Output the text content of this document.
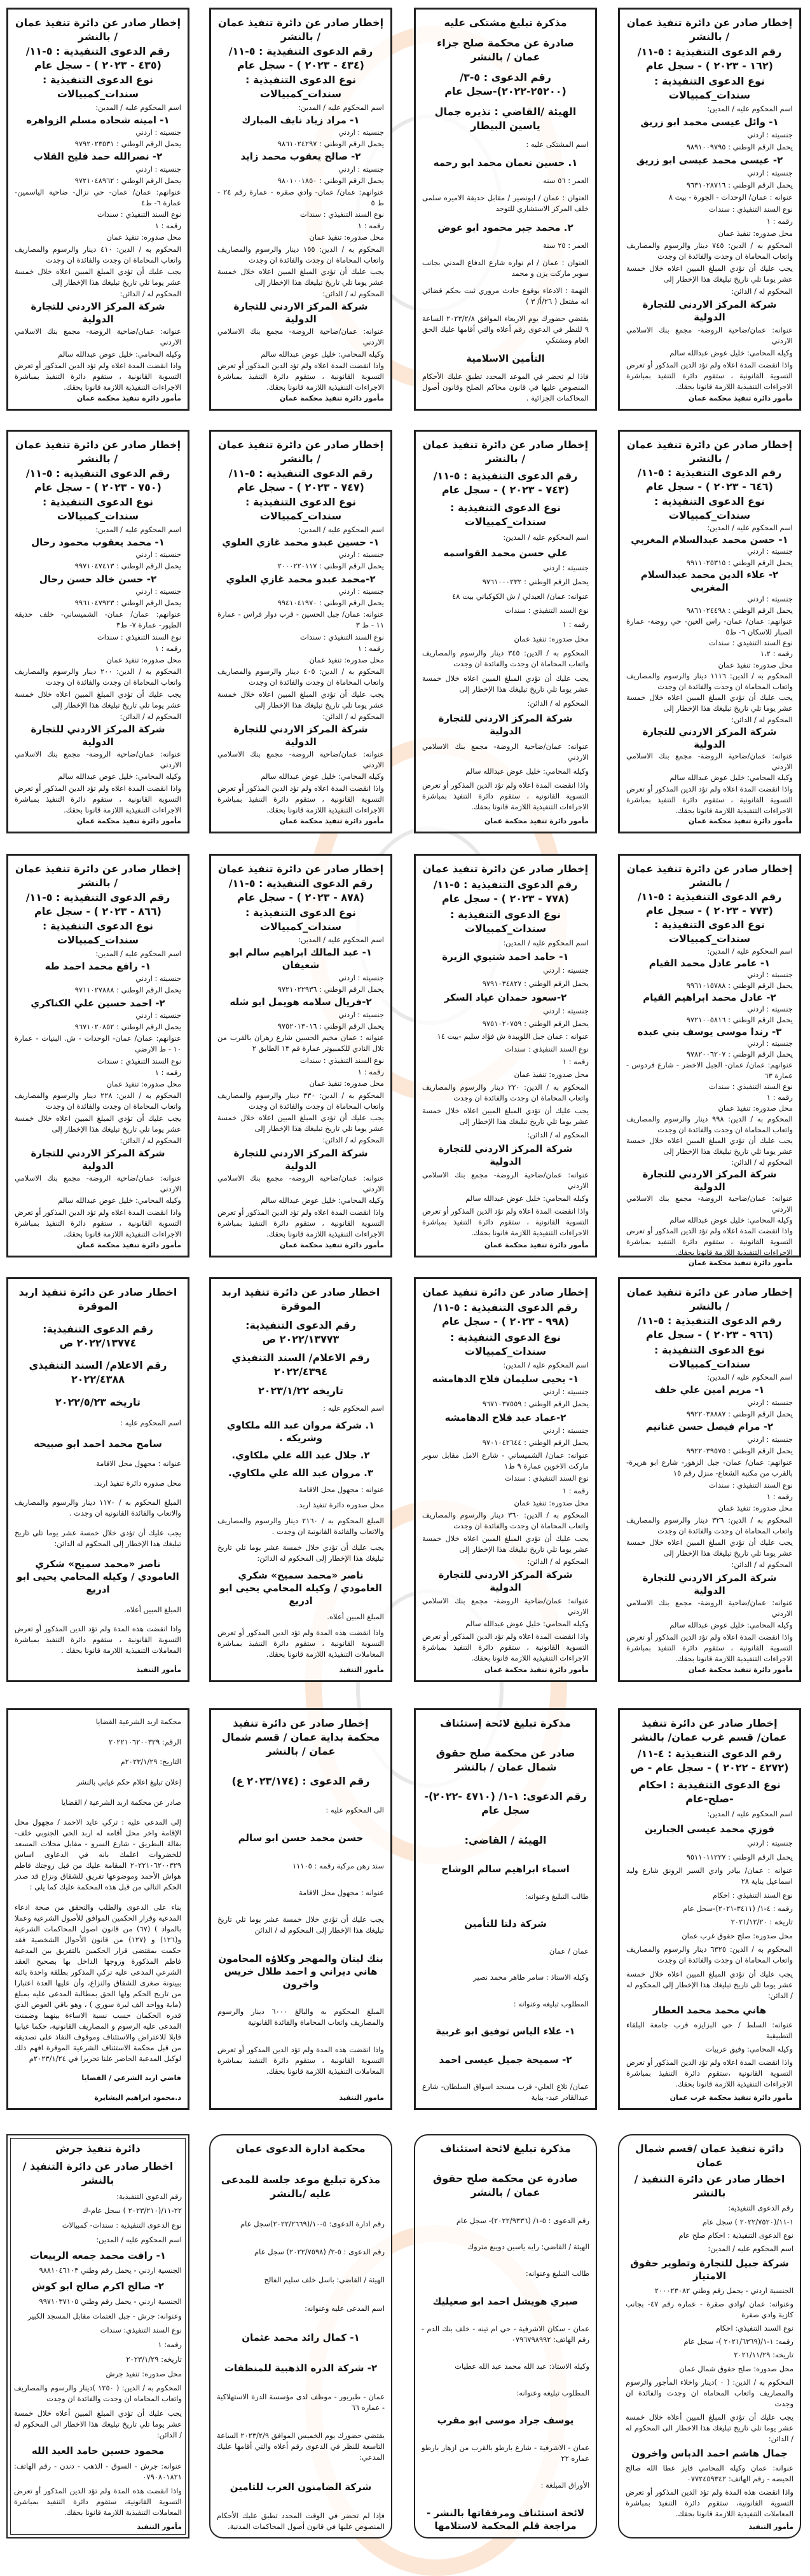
إخطار صادر عن دائرة تنفيذ عمان / بالنشر
رقم الدعوى التنفيذية : ٥-١١/ (١٦٢ - ٢٠٢٣ ) - سجل عام
نوع الدعوى التنفيذية : سندات_كمبيالات
اسم المحكوم عليه / المدين:
١- وائل عيسى محمد ابو زريق
جنسيته : اردني
يحمل الرقم الوطني : ٩٨٩١٠٠٩٧٩٥
٢- عيسى محمد عيسى ابو زريق
جنسيته : اردني
يحمل الرقم الوطني : ٩٦٣١٠٢٨٧١٦
عنوانه : عمان/ الوحدات - الجورة - بيت ٨
نوع السند التنفيذي : سندات
رقمه : ١
محل صدوره: تنفيذ عمان
المحكوم به / الدين: ٧٤٥ دينار والرسوم والمصاريف واتعاب المحاماة ان وجدت والفائدة ان وجدت
يجب عليك أن تؤدي المبلغ المبين اعلاه خلال خمسة عشر يوما تلي تاريخ تبليغك هذا الإخطار إلى
المحكوم له / الدائن:
شركة المركز الاردني للتجارة الدولية
عنوانه: عمان/ضاحية الروضة- مجمع بنك الاسلامي الاردني
وكيله المحامي: خليل عوض عبدالله سالم
واذا انقضت المدة اعلاه ولم تؤد الدين المذكور أو تعرض التسوية القانونية ، ستقوم دائرة التنفيذ بمباشرة الاجراءات التنفيذية اللازمة قانونا بحقك.
مأمور دائرة تنفيذ محكمة عمان
مذكرة تبليغ مشتكى عليه
صادرة عن محكمة صلح جزاء عمان / بالنشر
رقم الدعوى : ٥-٣/ (٢٥٢٠٠-٢٠٢٢)-سجل عام
الهيئة /القاضي : نذيره جمال ياسين البيطار
اسم المشتكى عليه :
١. حسين نعمان محمد ابو رحمه
العمر : ٥٦ سنه
العنوان : عمان / ابونصير / مقابل حديقة الاميره سلمى خلف المركز الاستشاري للتوحد
٢. محمد جبر محمود ابو عوض
العمر : ٢٥ سنة
العنوان : عمان / ام نواره شارع الدفاع المدني بجانب سوبر ماركت يزن و محمد
التهمة : الادعاء بوقوع حادث مروري ثبت بحكم قضائي انه مفتعل ( ٢٦/أ/ ٣ )
يقتضي حضورك يوم الاربعاء الموافق ٢٠٢٣/٢/٨ الساعة ٩ للنظر في الدعوى رقم أعلاه والتي أقامها عليك الحق العام ومشتكي
التأمين الاسلامية
فاذا لم تحضر في الموعد المحدد تطبق عليك الأحكام المنصوص عليها في قانون محاكم الصلح وقانون أصول المحاكمات الجزائية .
إخطار صادر عن دائرة تنفيذ عمان / بالنشر
رقم الدعوى التنفيذية : ٥-١١/ (٤٣٤ - ٢٠٢٣ ) - سجل عام
نوع الدعوى التنفيذية : سندات_كمبيالات
اسم المحكوم عليه / المدين:
١- مراد زياد نايف المبارك
جنسيته : اردني
يحمل الرقم الوطني : ٩٨٦١٠٢٤٢٩٧
٢- صالح يعقوب محمد زايد
جنسيته : اردني
يحمل الرقم الوطني : ٩٨٠١٠٠١٨٥٠
عنوانهم: عمان/ عمان- وادي صقره - عمارة رقم ٢٤ - ط ٥
نوع السند التنفيذي : سندات
رقمه : ١
محل صدوره: تنفيذ عمان
المحكوم به / الدين: ١٥٥ دينار والرسوم والمصاريف واتعاب المحاماة ان وجدت والفائدة ان وجدت
يجب عليك أن تؤدي المبلغ المبين اعلاه خلال خمسة عشر يوما تلي تاريخ تبليغك هذا الإخطار إلى
المحكوم له / الدائن:
شركة المركز الاردني للتجارة الدولية
عنوانه: عمان/ضاحية الروضة- مجمع بنك الاسلامي الاردني
وكيله المحامي: خليل عوض عبدالله سالم
واذا انقضت المدة اعلاه ولم تؤد الدين المذكور أو تعرض التسوية القانونية ، ستقوم دائرة التنفيذ بمباشرة الاجراءات التنفيذية اللازمة قانونا بحقك.
مأمور دائرة تنفيذ محكمة عمان
إخطار صادر عن دائرة تنفيذ عمان / بالنشر
رقم الدعوى التنفيذية : ٥-١١/ (٤٣٥ - ٢٠٢٣ ) - سجل عام
نوع الدعوى التنفيذية : سندات_كمبيالات
اسم المحكوم عليه / المدين:
١- امينه شحاده مسلم الزواهره
جنسيته : اردني
يحمل الرقم الوطني : ٩٧٩٢٠٢٣٥٣١
٢- نصرالله حمد فليح القلاب
جنسيته : اردني
يحمل الرقم الوطني : ٩٧٢١٠٤٨٩٦٢
عنوانهم: عمان/ عمان- حي نزال- ضاحية الياسمين- عمارة ٦- ط٤
نوع السند التنفيذي : سندات
رقمه : ١
محل صدوره: تنفيذ عمان
المحكوم به / الدين: ٤١٠ دينار والرسوم والمصاريف واتعاب المحاماة ان وجدت والفائدة ان وجدت
يجب عليك أن تؤدي المبلغ المبين اعلاه خلال خمسة عشر يوما تلي تاريخ تبليغك هذا الإخطار إلى
المحكوم له / الدائن:
شركة المركز الاردني للتجارة الدولية
عنوانه: عمان/ضاحية الروضة- مجمع بنك الاسلامي الاردني
وكيله المحامي: خليل عوض عبدالله سالم
واذا انقضت المدة اعلاه ولم تؤد الدين المذكور أو تعرض التسوية القانونية ، ستقوم دائرة التنفيذ بمباشرة الاجراءات التنفيذية اللازمة قانونا بحقك.
مأمور دائرة تنفيذ محكمة عمان
إخطار صادر عن دائرة تنفيذ عمان / بالنشر
رقم الدعوى التنفيذية : ٥-١١/ (٦٤٦ - ٢٠٢٣ ) - سجل عام
نوع الدعوى التنفيذية : سندات_كمبيالات
اسم المحكوم عليه / المدين:
١- حسن محمد عبدالسلام المغربي
جنسيته : اردني
يحمل الرقم الوطني : ٩٩١١٠٢٥٣١٥
٢- علاء الدين محمد عبدالسلام المغربي
جنسيته : اردني
يحمل الرقم الوطني : ٩٨٦١٠٢٤٤٩٨
عنوانهم: عمان/ عمان- راس العين- حي روضة- عمارة الصبار للاسكان ٦- ط٥
نوع السند التنفيذي : سندات
رقمه : ١،٢
محل صدوره: تنفيذ عمان
المحكوم به / الدين: ١١١٦ دينار والرسوم والمصاريف واتعاب المحاماة ان وجدت والفائدة ان وجدت
يجب عليك أن تؤدي المبلغ المبين اعلاه خلال خمسة عشر يوما تلي تاريخ تبليغك هذا الإخطار إلى
المحكوم له / الدائن:
شركة المركز الاردني للتجارة الدولية
عنوانه: عمان/ضاحية الروضة- مجمع بنك الاسلامي الاردني
وكيله المحامي: خليل عوض عبدالله سالم
واذا انقضت المدة اعلاه ولم تؤد الدين المذكور أو تعرض التسوية القانونية ، ستقوم دائرة التنفيذ بمباشرة الاجراءات التنفيذية اللازمة قانونا بحقك.
مأمور دائرة تنفيذ محكمة عمان
إخطار صادر عن دائرة تنفيذ عمان / بالنشر
رقم الدعوى التنفيذية : ٥-١١/ (٧٤٣ - ٢٠٢٣ ) - سجل عام
نوع الدعوى التنفيذية : سندات_كمبيالات
اسم المحكوم عليه / المدين:
علي حسن محمد القواسمه
جنسيته : اردني
يحمل الرقم الوطني : ٩٧٦١٠٠٠٢٣٢
عنوانه: عمان/ العبدلي / ش الكوكباني بيت ٤٨
نوع السند التنفيذي : سندات
رقمه : ١
محل صدوره: تنفيذ عمان
المحكوم به / الدين: ٣٤٥ دينار والرسوم والمصاريف واتعاب المحاماة ان وجدت والفائدة ان وجدت
يجب عليك أن تؤدي المبلغ المبين اعلاه خلال خمسة عشر يوما تلي تاريخ تبليغك هذا الإخطار إلى
المحكوم له / الدائن:
شركة المركز الاردني للتجارة الدولية
عنوانه: عمان/ضاحية الروضة- مجمع بنك الاسلامي الاردني
وكيله المحامي: خليل عوض عبدالله سالم
واذا انقضت المدة اعلاه ولم تؤد الدين المذكور أو تعرض التسوية القانونية ، ستقوم دائرة التنفيذ بمباشرة الاجراءات التنفيذية اللازمة قانونا بحقك.
مأمور دائرة تنفيذ محكمة عمان
إخطار صادر عن دائرة تنفيذ عمان / بالنشر
رقم الدعوى التنفيذية : ٥-١١/ (٧٤٧ - ٢٠٢٣ ) - سجل عام
نوع الدعوى التنفيذية : سندات_كمبيالات
اسم المحكوم عليه / المدين:
١- حسين عبدو محمد غازي العلوي
جنسيته : اردني
يحمل الرقم الوطني : ٢٠٠٠٢٢٠١١٧
٢-محمد عبدو محمد غازي العلوي
جنسيته : اردني
يحمل الرقم الوطني : ٩٩٤١٠٤١٩٧٠
عنوانه: عمان/ جبل الحسين - قرب دوار فراس - عمارة ١١ - ط ٣
نوع السند التنفيذي : سندات
رقمه : ١
محل صدوره: تنفيذ عمان
المحكوم به / الدين: ٤٠٥ دينار والرسوم والمصاريف واتعاب المحاماة ان وجدت والفائدة ان وجدت
يجب عليك أن تؤدي المبلغ المبين اعلاه خلال خمسة عشر يوما تلي تاريخ تبليغك هذا الإخطار إلى
المحكوم له / الدائن:
شركة المركز الاردني للتجارة الدولية
عنوانه: عمان/ضاحية الروضة- مجمع بنك الاسلامي الاردني
وكيله المحامي: خليل عوض عبدالله سالم
واذا انقضت المدة اعلاه ولم تؤد الدين المذكور أو تعرض التسوية القانونية ، ستقوم دائرة التنفيذ بمباشرة الاجراءات التنفيذية اللازمة قانونا بحقك.
مأمور دائرة تنفيذ محكمة عمان
إخطار صادر عن دائرة تنفيذ عمان / بالنشر
رقم الدعوى التنفيذية : ٥-١١/ (٧٥٠ - ٢٠٢٣ ) - سجل عام
نوع الدعوى التنفيذية : سندات_كمبيالات
اسم المحكوم عليه / المدين:
١- محمد يعقوب محمود رحال
جنسيته : اردني
يحمل الرقم الوطني : ٩٩٧١٠٤٧٤١٣
٢- حسن خالد حسن رحال
جنسيته : اردني
يحمل الرقم الوطني : ٩٩٦١٠٤٧٩٢٣
عنوانهم: عمان/ عمان- الشميساني- خلف حديقة الطيور- عمارة ٧- ط٣
نوع السند التنفيذي : سندات
رقمه : ١
محل صدوره: تنفيذ عمان
المحكوم به / الدين: ٢٠٠ دينار والرسوم والمصاريف واتعاب المحاماة ان وجدت والفائدة ان وجدت
يجب عليك أن تؤدي المبلغ المبين اعلاه خلال خمسة عشر يوما تلي تاريخ تبليغك هذا الإخطار إلى
المحكوم له / الدائن:
شركة المركز الاردني للتجارة الدولية
عنوانه: عمان/ضاحية الروضة- مجمع بنك الاسلامي الاردني
وكيله المحامي: خليل عوض عبدالله سالم
واذا انقضت المدة اعلاه ولم تؤد الدين المذكور أو تعرض التسوية القانونية ، ستقوم دائرة التنفيذ بمباشرة الاجراءات التنفيذية اللازمة قانونا بحقك.
مأمور دائرة تنفيذ محكمة عمان
إخطار صادر عن دائرة تنفيذ عمان / بالنشر
رقم الدعوى التنفيذية : ٥-١١/ (٧٧٣ - ٢٠٢٣ ) - سجل عام
نوع الدعوى التنفيذية : سندات_كمبيالات
اسم المحكوم عليه / المدين:
١- عامر عادل محمد القيام
جنسيته : اردني
يحمل الرقم الوطني : ٩٩٦١٠١٥٧٨٨
٢- عادل محمد ابراهيم القيام
جنسيته : اردني
يحمل الرقم الوطني : ٩٧٢١٠٠٥٨١٦
٣- رندا موسى يوسف بني عبده
جنسيته : اردني
يحمل الرقم الوطني : ٩٧٨٢٠٠٦٢٠٧
عنوانهم: عمان/ عمان- الجبل الاخضر - شارع فردوس - عمارة ٦٣
نوع السند التنفيذي : سندات
رقمه : ١
محل صدوره: تنفيذ عمان
المحكوم به / الدين: ٩٩٨ دينار والرسوم والمصاريف واتعاب المحاماة ان وجدت والفائدة ان وجدت
يجب عليك أن تؤدي المبلغ المبين اعلاه خلال خمسة عشر يوما تلي تاريخ تبليغك هذا الإخطار إلى
المحكوم له / الدائن:
شركة المركز الاردني للتجارة الدولية
عنوانه: عمان/ضاحية الروضة- مجمع بنك الاسلامي الاردني
وكيله المحامي: خليل عوض عبدالله سالم
واذا انقضت المدة اعلاه ولم تؤد الدين المذكور أو تعرض التسوية القانونية ، ستقوم دائرة التنفيذ بمباشرة الاجراءات التنفيذية اللازمة قانونا بحقك.
مأمور دائرة تنفيذ محكمة عمان
إخطار صادر عن دائرة تنفيذ عمان
رقم الدعوى التنفيذية : ٥-١١/ (٧٧٨ - ٢٠٢٣ ) - سجل عام
نوع الدعوى التنفيذية : سندات_كمبيالات
اسم المحكوم عليه / المدين:
١- حامد احمد شتيوي الزيرة
جنسيته : اردني
يحمل الرقم الوطني : ٩٧٩١٠٣٤٨٢٧
٢-سعود حمدان عياد السكر
جنسيته : اردني
يحمل الرقم الوطني : ٩٧٥١٠٢٠٧٥٩
عنوانه : عمان جبل اللويبدة ش فؤاد سليم -بيت ١٤
نوع السند التنفيذي : سندات
رقمه : ١
محل صدوره: تنفيذ عمان
المحكوم به / الدين: ٢٢٠ دينار والرسوم والمصاريف واتعاب المحاماة ان وجدت والفائدة ان وجدت
يجب عليك أن تؤدي المبلغ المبين اعلاه خلال خمسة عشر يوما تلي تاريخ تبليغك هذا الإخطار إلى
المحكوم له / الدائن:
شركة المركز الاردني للتجارة الدولية
عنوانه: عمان/ضاحية الروضة- مجمع بنك الاسلامي الاردني
وكيله المحامي: خليل عوض عبدالله سالم
واذا انقضت المدة اعلاه ولم تؤد الدين المذكور أو تعرض التسوية القانونية ، ستقوم دائرة التنفيذ بمباشرة الاجراءات التنفيذية اللازمة قانونا بحقك.
مأمور دائرة تنفيذ محكمة عمان
إخطار صادر عن دائرة تنفيذ عمان
رقم الدعوى التنفيذية : ٥-١١/ (٨٧٨ - ٢٠٢٣ ) - سجل عام
نوع الدعوى التنفيذية : سندات_كمبيالات
اسم المحكوم عليه / المدين:
١- عبد المالك ابراهيم سالم ابو شعيفان
جنسيته : اردني
يحمل الرقم الوطني : ٩٧٢١٠٢٢٩٣٦
٢-فريال سلامه هويمل ابو شله
جنسيته : اردني
يحمل الرقم الوطني : ٩٧٥٢٠١٣٠١٦
عنوانه : عمان مخيم الحسين شارع زهران بالقرب من تلال النادي للكمبيوتر عمارة قم ١٣ الطابق ٢
نوع السند التنفيذي : سندات
رقمه : ١
محل صدوره: تنفيذ عمان
المحكوم به / الدين: ٣٣٠ دينار والرسوم والمصاريف واتعاب المحاماة ان وجدت والفائدة ان وجدت
يجب عليك أن تؤدي المبلغ المبين اعلاه خلال خمسة عشر يوما تلي تاريخ تبليغك هذا الإخطار إلى
المحكوم له / الدائن:
شركة المركز الاردني للتجارة الدولية
عنوانه: عمان/ضاحية الروضة- مجمع بنك الاسلامي الاردني
وكيله المحامي: خليل عوض عبدالله سالم
واذا انقضت المدة اعلاه ولم تؤد الدين المذكور أو تعرض التسوية القانونية ، ستقوم دائرة التنفيذ بمباشرة الاجراءات التنفيذية اللازمة قانونا بحقك.
مأمور دائرة تنفيذ محكمة عمان
إخطار صادر عن دائرة تنفيذ عمان / بالنشر
رقم الدعوى التنفيذية : ٥-١١/ (٨٦٦ - ٢٠٢٣ ) - سجل عام
نوع الدعوى التنفيذية : سندات_كمبيالات
اسم المحكوم عليه / المدين:
١- رافع محمد احمد طه
جنسيته : اردني
يحمل الرقم الوطني : ٩٧١١٠٢٧٨٨٨
٢- احمد حسين علي الكناكري
جنسيته : اردني
يحمل الرقم الوطني : ٩٦٧١٠٢٠٨٥٢
عنوانهم: عمان/ عمان- الوحدات - ش. البنيات - عمارة ١٠ - ط الارضي
نوع السند التنفيذي : سندات
رقمه : ١
محل صدوره: تنفيذ عمان
المحكوم به / الدين: ٢٢٨ دينار والرسوم والمصاريف واتعاب المحاماة ان وجدت والفائدة ان وجدت
يجب عليك أن تؤدي المبلغ المبين اعلاه خلال خمسة عشر يوما تلي تاريخ تبليغك هذا الإخطار إلى
المحكوم له / الدائن:
شركة المركز الاردني للتجارة الدولية
عنوانه: عمان/ضاحية الروضة- مجمع بنك الاسلامي الاردني
وكيله المحامي: خليل عوض عبدالله سالم
واذا انقضت المدة اعلاه ولم تؤد الدين المذكور أو تعرض التسوية القانونية ، ستقوم دائرة التنفيذ بمباشرة الاجراءات التنفيذية اللازمة قانونا بحقك.
مأمور دائرة تنفيذ محكمة عمان
إخطار صادر عن دائرة تنفيذ عمان / بالنشر
رقم الدعوى التنفيذية : ٥-١١/ (٩٦٦ - ٢٠٢٣ ) - سجل عام
نوع الدعوى التنفيذية : سندات_كمبيالات
اسم المحكوم عليه / المدين:
١- مريم امين علي خلف
جنسيته : اردني
يحمل الرقم الوطني : ٩٩٢٢٠٣٨٨٨٧
٢- مرام فيصل حسن غنانيم
جنسيته : اردني
يحمل الرقم الوطني : ٩٩٢٢٠٣٩٥٧٥
عنوانهم: عمان/ عمان- جبل الزهور- شارع ابو هريرة- بالقرب من مكتبة الشعاع- منزل رقم ١٥
نوع السند التنفيذي : سندات
رقمه : ١
محل صدوره: تنفيذ عمان
المحكوم به / الدين: ٣٢٦ دينار والرسوم والمصاريف واتعاب المحاماة ان وجدت والفائدة ان وجدت
يجب عليك أن تؤدي المبلغ المبين اعلاه خلال خمسة عشر يوما تلي تاريخ تبليغك هذا الإخطار إلى
المحكوم له / الدائن:
شركة المركز الاردني للتجارة الدولية
عنوانه: عمان/ضاحية الروضة- مجمع بنك الاسلامي الاردني
وكيله المحامي: خليل عوض عبدالله سالم
واذا انقضت المدة اعلاه ولم تؤد الدين المذكور أو تعرض التسوية القانونية ، ستقوم دائرة التنفيذ بمباشرة الاجراءات التنفيذية اللازمة قانونا بحقك.
مأمور دائرة تنفيذ محكمة عمان
إخطار صادر عن دائرة تنفيذ عمان
رقم الدعوى التنفيذية : ٥-١١/ (٩٩٨ - ٢٠٢٣ ) - سجل عام
نوع الدعوى التنفيذية : سندات_كمبيالات
اسم المحكوم عليه / المدين:
١- يحيى سليمان فلاح الدهامشه
جنسيته : اردني
يحمل الرقم الوطني : ٩٦٧١٠٣٧٥٥٩
٢-عماد عبد فلاح الدهامشه
جنسيته : اردني
يحمل الرقم الوطني : ٩٧٠١٠٤٢٦٤٤
عنوانه: عمان/ الشميساني - شارع الامل مقابل سوبر ماركت الاخوين عمارة ٩ ط١
نوع السند التنفيذي : سندات
رقمه : ١
محل صدوره: تنفيذ عمان
المحكوم به / الدين: ٣٦٠ دينار والرسوم والمصاريف واتعاب المحاماة ان وجدت والفائدة ان وجدت
يجب عليك أن تؤدي المبلغ المبين اعلاه خلال خمسة عشر يوما تلي تاريخ تبليغك هذا الإخطار إلى
المحكوم له / الدائن:
شركة المركز الاردني للتجارة الدولية
عنوانه: عمان/ضاحية الروضة- مجمع بنك الاسلامي الاردني
وكيله المحامي: خليل عوض عبدالله سالم
واذا انقضت المدة اعلاه ولم تؤد الدين المذكور أو تعرض التسوية القانونية ، ستقوم دائرة التنفيذ بمباشرة الاجراءات التنفيذية اللازمة قانونا بحقك.
مأمور دائرة تنفيذ محكمة عمان
اخطار صادر عن دائرة تنفيذ اربد الموقرة
رقم الدعوى التنفيذية: ٢٠٢٢/١٣٧٧٣ ص
رقم الاعلام/ السند التنفيذي ٢٠٢٢/٤٣٩٤
تاريخه ٢٠٢٣/١/٢٢
اسم المحكوم عليه :
١. شركة مروان عبد الله ملكاوي وشريكه .
٢. جلال عبد الله علي ملكاوي.
٣. مروان عبد الله علي ملكاوي.
عنوانه : مجهول محل الاقامة
محل صدوره دائرة تنفيذ اربد.
المبلغ المحكوم به / ٢١٦٠ دينار والرسوم والمصاريف والاتعاب والفائدة القانونية ان وجدت .
يجب عليك أن تؤدي خلال خمسة عشر يوما تلي تاريخ تبليغك هذا الإخطار إلى المحكوم له الدائن:
ناصر «محمد سميح» شكري العامودي / وكيله المحامي يحيى ابو ادريع
المبلغ المبين أعلاه.
واذا انقضت هذه المدة ولم تؤد الدين المذكور أو تعرض التسوية القانونية ، ستقوم دائرة التنفيذ بمباشرة المعاملات التنفيذية اللازمة قانونا بحقك.
مأمور التنفيذ
اخطار صادر عن دائرة تنفيذ اربد الموقرة
رقم الدعوى التنفيذية: ٢٠٢٢/١٣٧٧٤ ص
رقم الاعلام/ السند التنفيذي ٢٠٢٢/٤٣٨٨
تاريخه ٢٠٢٢/٥/٢٣
اسم المحكوم عليه :
سامح محمد احمد ابو صبيحه
عنوانه : مجهول محل الاقامة
محل صدوره دائرة تنفيذ اربد.
المبلغ المحكوم به / ١١٧٠ دينار والرسوم والمصاريف والاتعاب والفائدة القانونية ان وجدت .
يجب عليك أن تؤدي خلال خمسة عشر يوما تلي تاريخ تبليغك هذا الإخطار إلى المحكوم له الدائن:
ناصر «محمد سميح» شكري العامودي / وكيله المحامي يحيى ابو ادريع
المبلغ المبين أعلاه.
واذا انقضت هذه المدة ولم تؤد الدين المذكور أو تعرض التسوية القانونية ، ستقوم دائرة التنفيذ بمباشرة المعاملات التنفيذية اللازمة قانونا بحقك .
مأمور التنفيذ
إخطار صادر عن دائرة تنفيذ عمان/ قسم غرب عمان/ بالنشر
رقم الدعوى التنفيذية : ٤-١١/ (٤٢٧٢ - ٢٠٢٢ ) - سجل عام - ص
نوع الدعوى التنفيذية : احكام -صلح-عام
اسم المحكوم عليه / المدين:
فوزي محمد عيسى الجبارين
جنسيته : اردني
يحمل الرقم الوطني : ٩٥١١٠١١٢٢٧
عنوانه : عمان/ بيادر وادي السير الرونق شارع وليد اسماعيل بناية ٢٨
نوع السند التنفيذي : احكام
رقمه : ٤-١/ (٣٤١١-٢٠٢١)-سجل عام
تاريخه : ٢٠٢١/١٢/٢٠
محل صدوره: صلح حقوق غرب عمان
المحكوم به / الدين: ٦٣٢٥ دينار والرسوم والمصاريف واتعاب المحاماة ان وجدت والفائدة ان وجدت
يجب عليك أن تؤدي المبلغ المبين اعلاه خلال خمسة عشر يوما تلي تاريخ تبليغك هذا الإخطار إلى المحكوم له / الدائن:
هاني محمد محمد العطار
عنوانه: السلط / حي البزايزه قرب جامعة البلقاء التطبيقية
وكيله المحامي: وفيق عربيات
واذا انقضت المدة اعلاه ولم تؤد الدين المذكور أو تعرض التسوية القانونية ،ستقوم دائرة التنفيذ بمباشرة الاجراءات التنفيذية اللازمة قانونا بحقك.
مأمور دائرة تنفيذ محكمة غرب عمان
مذكرة تبليغ لائحة إستئناف
صادر عن محكمة صلح حقوق شمال عمان / بالنشر
رقم الدعوى: ١-١/ (٤٧١٠ -٢٠٢٢)- سجل عام
الهيئة / القاضي:
اسماء ابراهيم سالم الوشاح
طالب التبليغ وعنوانه:
شركة دلتا للتأمين
عمان / عمان
وكيله الاستاذ : سامر طاهر محمد نصير
المطلوب تبليغه وعنوانه :
١- علاء الياس توفيق ابو غربية
٢- سميحة جميل عيسى احمد
عمان/ تلاع العلي- قرب مسجد اسواق السلطان- شارع عبدالقادر عبد- بناية
إخطار صادر عن دائرة تنفيذ محكمة بداية عمان / قسم شمال عمان / بالنشر
رقم الدعوى : (٢٠٢٣/١٧٤ ع)
الى المحكوم عليه :
حسن محمد حسن ابو سالم
سند رهن مركبة رقمه : ١١١٠٥
عنوانه : مجهول محل الاقامة
يجب عليك أن تؤدي خلال خمسة عشر يوما تلي تاريخ تبليغك هذا الإخطار إلى المحكوم له / الدائن
بنك لبنان والمهجر وكلاؤه المحامون هاني ديراني و احمد طلال خريس واخرون
المبلغ المحكوم به والبالغ ٦٠٠٠ دينار والرسوم والمصاريف واتعاب المحاماة والفائدة القانونية
واذا انقضت هذه المدة ولم تؤد الدين المذكور أو تعرض التسوية القانونية ، ستقوم دائرة التنفيذ بمباشرة المعاملات التنفيذية اللازمة قانونا بحقك.
مامور التنفيذ
محكمة اربد الشرعية القضايا
الرقم: ٢٠٢٢١٠٦٢٠٠٣٢٩
التاريخ: ٢٠٢٣/١/٢٩م
إعلان تبليغ اعلام حكم غيابي بالنشر
صادر عن محكمة اربد الشرعية / القضايا
إلى المدعى عليه : تركي عايد الاحمد / مجهول محل الإقامة واخر محل أقامه له اربد الحي الجنوبي خلف- بقالة البطريق - شارع السرو - مقابل محلات المسعد للخضروات اعلمك بانه في الدعاوى اساس ٢٠٢٢١٠٦٢٠٠٣٢٩ المقامة عليك من قبل زوجتك فاطم هواش الأحمد وموضوعها تفريق للشقاق ونزاع قد صدر الحكم التالي من قبل هذه المحكمة عليك كما يلي :
بناء على الدعوى والطلب والتحقق من صحة ادعاء المدعية وقرار الحكمين الموافق للأصول الشرعية وعملا بالمواد ) (٦٧) من قانون اصول المحاكمات الشرعية و(١٢٦) و (١٢٧) من قانون الأحوال الشخصية فقد حكمت بمقتضى قرار الحكمين بالتفريق بين المدعية فاطم المذكورة وزوجها الداخل بها بصحيح العقد الشرعي المدعى عليه تركي المذكور بطلقة واحدة بائنة ببينونة صغرى للشقاق والنزاع، وأن عليها العدة اعتبارا من تاريخ الحكم ولها الحق بمطالبة المدعى عليه بمبلغ (مایة وواحد الف ليرة سوري ) ، وهو باقي العوض الذي قدره الحكمان حسب نسبة الاساءة بينهما وضمنت المدعى عليه الرسوم و المصاريف القانونية، حكما غيابيا قابلا للاعتراض والاستئناف وموقوف النفاذ على تصديقه من قبل محكمة الاستئناف الشرعية الموقرة افهم ذلك لوكيل المدعية الحاضر علنا تحريرا في ٢٠٢٣/١/٢٤م
قاضي اربد الشرعي / القضايا
د.محمود ابراهيم البشايرة
دائرة تنفيذ عمان /قسم شمال عمان
اخطار صادر عن دائرة التنفيذ / بالنشر
رقم الدعوى التنفيذية:
١-١١/(٢٠٢٢/٧٥٢٠ ) سجل عام
نوع الدعوى التنفيذية : احكام صلح عام
اسم المحكوم عليه / المدين:
شركة جبيل للتجارة وتطوير حقوق الامتياز
الجنسية اردني - يحمل رقم وطني ٢٠٠٠٢٣٠٨٢
وعنوانه: عمان /وادي صقرة - عماره رقم ٤٧- بجانب كازية وادي صقرة
نوع السند التنفيذي: احكام
رقمه: ١-١/(٢٠٢١/٦٣٦٩ )- سجل عام
تاريخه: ٢٠٢١/١١/٢٩
محل صدوره: صلح حقوق شمال عمان
المحكوم به / الدين: ( ٠ )دينار واخلاء المأجور والرسوم والمصاريف واتعاب المحاماه ان وجدت والفائدة ان وجدت
يجب عليك أن تؤدي المبلغ المبين أعلاه خلال خمسة عشر يوما تلي تاريخ تبليغك هذا الاخطار الى المحكوم له / الدائن:
جمال هاشم احمد الدباس واخرون
عنوانه: عمان وكيله المحامي فايز عطا الله صالح الحيصه - رقم الهاتف: ٠٧٧٢٤٥٩٣٤٢
واذا انقضت هذه المدة ولم تؤد الدين المذكور أو تعرض التسوية القانونية، ستقوم دائرة التنفيذ بمباشرة المعاملات التنفيذية اللازمة قانونا بحقك.
مأمور التنفيذ
مذكرة تبليغ لائحة استئناف
صادرة عن محكمة صلح حقوق عمان / بالنشر
رقم الدعوى : ٥-١/ (٢٠٢٢/٩٣٣٦)- سجل عام
الهيئة / القاضي: رايه ياسين دويبع متروك
طالب التبليغ وعنوانه:
صبري هويشل احمد ابو صعيليك
عمان - سكان الاشرفية - حي ام تينه - خلف بنك الدم - رقم الهاتف: ٠٧٩٦٧٩٨٩٩٢
وكيله الاستاذ: عبد الله محمد عبد الله عطيات
المطلوب تبليغه وعنوانه:
يوسف جراد موسى ابو مقرب
عمان - الاشرفية - شارع بارطو بالقرب من ازهار بارطو عماره ٢٢
الأوراق المبلغة :
لائحة استئناف ومرفقاتها بالنشر - مراجعة قلم المحكمة لاستلامها
محكمة ادارة الدعوى عمان
مذكرة تبليغ موعد جلسة للمدعى عليه /بالنشر
رقم ادارة الدعوى: ٥-١٠/(٢٠٢٢/٢٦٦٩)سجل عام
رقم الدعوى : ٥-٢/ (٢٠٢٢/٧٥٩٨) سجل عام
الهيئة / القاضي: باسل خلف سليم الفالح
اسم المدعى عليه وعنوانه:
١- كمال رائد محمد عثمان
٢- شركة الدره الذهبية للمنظفات
عمان - طبربور - موظف لدى مؤسسة الدرة الاستهلاكية - عماره ٦٦
يقتضي حضورك يوم الخميس الموافق ٢٠٢٣/٢/٩ الساعة التاسعة للنظر في الدعوى رقم أعلاه والتي أقامها عليك المدعي:
شركة الضامنون العرب للتامين
فإذا لم تحضر في الوقت المحدد تطبق عليك الأحكام المنصوص عليها في قانون أصول المحاكمات المدنية.
دائرة تنفيذ جرش
اخطار صادر عن دائرة التنفيذ / بالنشر
رقم الدعوى التنفيذية:
٢٢-١١/(٢٠٢٣/٢١٠ ) سجل عام-ك
نوع الدعوى التنفيذية : سندات- كمبيالات
اسم المحكوم عليه / المدين:
١- رافت محمد جمعه الربيعات
الجنسية اردني - يحمل رقم وطني ٩٨٨١٠٤٦١٠٣
٢- صالح اكرم صالح ابو كوش
الجنسية اردني - يحمل رقم وطني ٩٩٧١٠٣٧١٠٥
وعنوانه: جرش - جبل العتمات مقابل المسجد الكبير
نوع السند التنفيذي: سندات
رقمه: ١
تاريخه: ٢٠٢٣/١/٢٩
محل صدوره: تنفيذ جرش
المحكوم به / الدين: ( ١٢٥٠ )دينار والرسوم والمصاريف واتعاب المحاماه ان وجدت والفائدة ان وجدت
يجب عليك أن تؤدي المبلغ المبين أعلاه خلال خمسة عشر يوما تلي تاريخ تبليغك هذا الاخطار الى المحكوم له / الدائن:
محمود حسين حامد العبد الله
عنوانه: جرش - السوق - الذهب - دندن - رقم الهاتف: ٠٧٩٠٨٠١٨٢١
واذا انقضت هذه المدة ولم تؤد الدين المذكور أو تعرض التسوية القانونية، ستقوم دائرة التنفيذ بمباشرة المعاملات التنفيذية اللازمة قانونا بحقك.
مأمور التنفيذ
